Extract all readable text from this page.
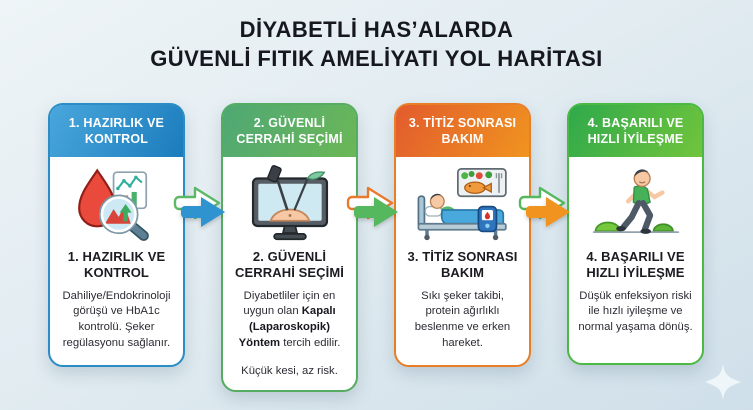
DİYABETLİ HASʼALARDA
GÜVENLİ FITIK AMELİYATI YOL HARİTASI
1. HAZIRLIK VE
KONTROL
1. HAZIRLIK VE
KONTROL

Dahiliye/Endokrinoloji görüşü ve HbA1c kontrolü. Şeker regülasyonu sağlanır.

2. GÜVENLİ
CERRAHİ SEÇİMİ
2. GÜVENLİ
CERRAHİ SEÇİMİ

Diyabetliler için en uygun olan Kapalı (Laparoskopik) Yöntem tercih edilir.

Küçük kesi, az risk.

3. TİTİZ SONRASI
BAKIM
3. TİTİZ SONRASI
BAKIM

Sıkı şeker takibi, protein ağırlıklı beslenme ve erken hareket.

4. BAŞARILI VE
HIZLI İYİLEŞME
4. BAŞARILI VE
HIZLI İYİLEŞME

Düşük enfeksiyon riski ile hızlı iyileşme ve normal yaşama dönüş.
